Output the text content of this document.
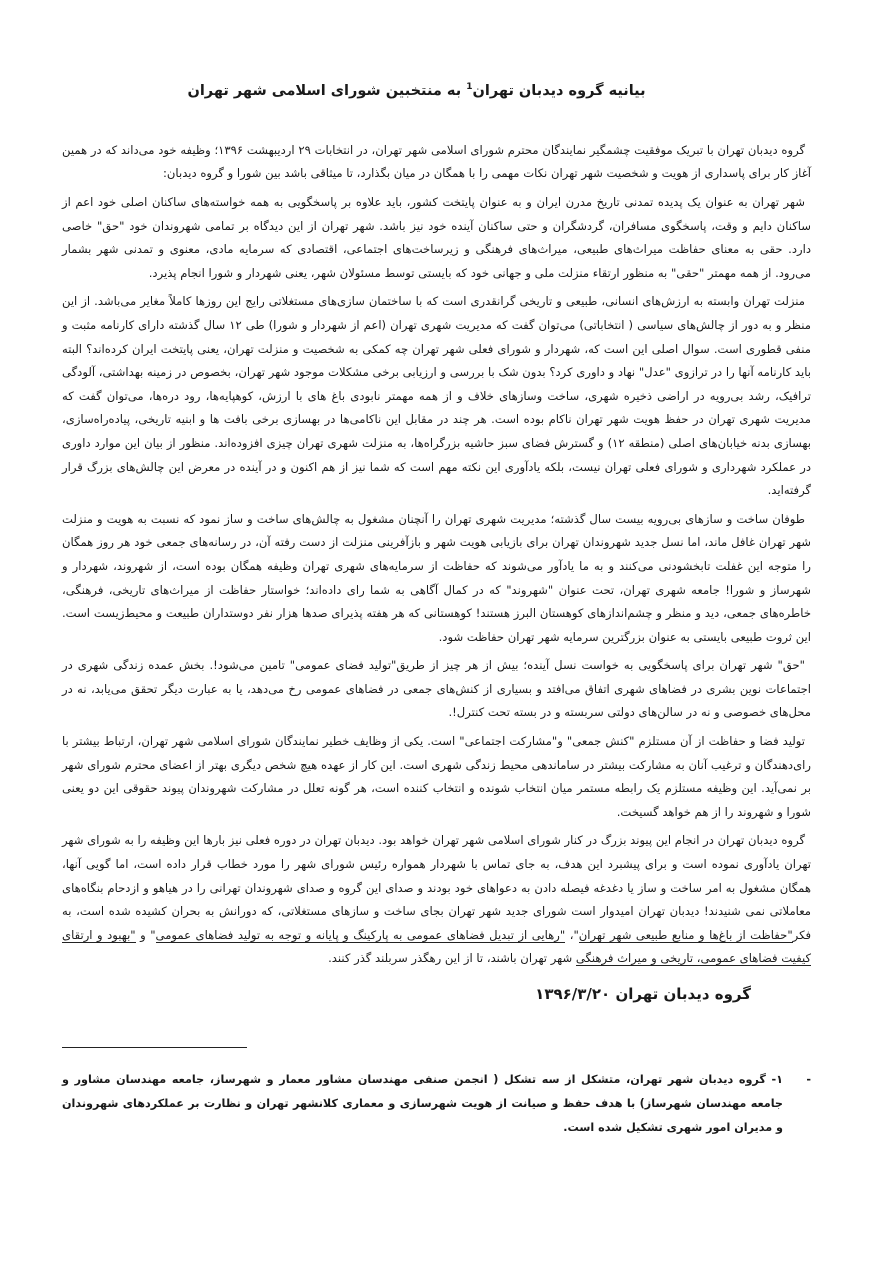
بیانیه گروه دیدبان تهران$^1$ به منتخبین شورای اسلامی شهر تهران

گروه دیدبان تهران با تبریک موفقیت چشمگیر نمایندگان محترم شورای اسلامی شهر تهران، در انتخابات ۲۹ اردیبهشت ۱۳۹۶؛ وظیفه خود می‌داند که در همین آغاز کار برای پاسداری از هویت و شخصیت شهر تهران نکات مهمی را با همگان در میان بگذارد، تا میثاقی باشد بین شورا و گروه دیدبان:

شهر تهران به عنوان یک پدیده تمدنی تاریخ مدرن ایران و به عنوان پایتخت کشور، باید علاوه بر پاسخگویی به همه خواسته‌های ساکنان اصلی خود اعم از ساکنان دایم و وقت، پاسخگوی مسافران، گردشگران و حتی ساکنان آینده خود نیز باشد. شهر تهران از این دیدگاه بر تمامی شهروندان خود "حق" خاصی دارد. حقی به معنای حفاظت میراث‌های طبیعی، میراث‌های فرهنگی و زیرساخت‌های اجتماعی، اقتصادی که سرمایه مادی، معنوی و تمدنی شهر بشمار می‌رود. از همه مهمتر "حقی" به منظور ارتقاء منزلت ملی و جهانی خود که بایستی توسط مسئولان شهر، یعنی شهردار و شورا انجام پذیرد.

منزلت تهران وابسته به ارزش‌های انسانی، طبیعی و تاریخی گرانقدری است که با ساختمان سازی‌های مستغلاتی رایج این روزها کاملاً مغایر می‌باشد. از این منظر و به دور از چالش‌های سیاسی ( انتخاباتی) می‌توان گفت که مدیریت شهری تهران (اعم از شهردار و شورا) طی ۱۲ سال گذشته دارای کارنامه مثبت و منفی قطوری است. سوال اصلی این است که، شهردار و شورای فعلی شهر تهران چه کمکی به شخصیت و منزلت تهران، یعنی پایتخت ایران کرده‌اند؟ البته باید کارنامه آنها را در ترازوی "عدل" نهاد و داوری کرد؟ بدون شک با بررسی و ارزیابی برخی مشکلات موجود شهر تهران، بخصوص در زمینه بهداشتی، آلودگی ترافیک، رشد بی‌رویه در اراضی ذخیره شهری، ساخت وسازهای خلاف و از همه مهمتر نابودی باغ های با ارزش، کوهپایه‌ها، رود دره‌ها، می‌توان گفت که مدیریت شهری تهران در حفظ هویت شهر تهران ناکام بوده است. هر چند در مقابل این ناکامی‌ها در بهسازی برخی بافت ها و ابنیه تاریخی، پیاده‌راه‌سازی، بهسازی بدنه خیابان‌های اصلی (منطقه ۱۲) و گسترش فضای سبز حاشیه بزرگراه‌ها، به منزلت شهری تهران چیزی افزوده‌اند. منظور از بیان این موارد داوری در عملکرد شهرداری و شورای فعلی تهران نیست، بلکه یادآوری این نکته مهم است که شما نیز از هم اکنون و در آینده در معرض این چالش‌های بزرگ قرار گرفته‌اید.

طوفان ساخت و سازهای بی‌رویه بیست سال گذشته؛ مدیریت شهری تهران را آنچنان مشغول به چالش‌های ساخت و ساز نمود که نسبت به هویت و منزلت شهر تهران غافل ماند، اما نسل جدید شهروندان تهران برای بازیابی هویت شهر و بازآفرینی منزلت از دست رفته آن، در رسانه‌های جمعی خود هر روز همگان را متوجه این غفلت تابخشودنی می‌کنند و به ما یادآور می‌شوند که حفاظت از سرمایه‌های شهری تهران وظیفه همگان بوده است، از شهروند، شهردار و شهرساز و شورا! جامعه شهری تهران، تحت عنوان "شهروند" که در کمال آگاهی به شما رای داده‌اند؛ خواستار حفاظت از میراث‌های تاریخی، فرهنگی، خاطره‌های جمعی، دید و منظر و چشم‌اندازهای کوهستان البرز هستند! کوهستانی که هر هفته پذیرای صدها هزار نفر دوستداران طبیعت و محیط‌زیست است. این ثروت طبیعی بایستی به عنوان بزرگترین سرمایه شهر تهران حفاظت شود.

"حق" شهر تهران برای پاسخگویی به خواست نسل آینده؛ بیش از هر چیز از طریق"تولید فضای عمومی" تامین می‌شود!. بخش عمده زندگی شهری در اجتماعات نوین بشری در فضاهای شهری اتفاق می‌افتد و بسیاری از کنش‌های جمعی در فضاهای عمومی رخ می‌دهد، یا به عبارت دیگر تحقق می‌یابد، نه در محل‌های خصوصی و نه در سالن‌های دولتی سربسته و در بسته تحت کنترل!.

تولید فضا و حفاظت از آن مستلزم "کنش جمعی" و"مشارکت اجتماعی" است. یکی از وظایف خطیر نمایندگان شورای اسلامی شهر تهران، ارتباط بیشتر با رای‌دهندگان و ترغیب آنان به مشارکت بیشتر در ساماندهی محیط زندگی شهری است. این کار از عهده هیچ شخص دیگری بهتر از اعضای محترم شورای شهر بر نمی‌آید. این وظیفه مستلزم یک رابطه مستمر میان انتخاب شونده و انتخاب کننده است، هر گونه تعلل در مشارکت شهروندان پیوند حقوقی این دو یعنی شورا و شهروند را از هم خواهد گسیخت.

گروه دیدبان تهران در انجام این پیوند بزرگ در کنار شورای اسلامی شهر تهران خواهد بود. دیدبان تهران در دوره فعلی نیز بارها این وظیفه را به شورای شهر تهران یادآوری نموده است و برای پیشبرد این هدف، به جای تماس با شهردار همواره رئیس شورای شهر را مورد خطاب قرار داده است، اما گویی آنها، همگان مشغول به امر ساخت و ساز یا دغدغه فیصله دادن به دعواهای خود بودند و صدای این گروه و صدای شهروندان تهرانی را در هیاهو و ازدحام بنگاه‌های معاملاتی نمی شنیدند! دیدبان تهران امیدوار است شورای جدید شهر تهران بجای ساخت و سازهای مستغلاتی، که دورانش به بحران کشیده شده است، به فکر"حفاظت از باغ‌ها و منابع طبیعی شهر تهران"، "رهایی از تبدیل فضاهای عمومی به پارکینگ و پایانه و توجه به تولید فضاهای عمومی" و "بهبود و ارتقای کیفیت فضاهای عمومی، تاریخی و میراث فرهنگی شهر تهران باشند، تا از این رهگذر سربلند گذر کنند.

گروه دیدبان تهران ۱۳۹۶/۳/۲۰
-
۱- گروه دیدبان شهر تهران، متشکل از سه تشکل ( انجمن صنفی مهندسان مشاور معمار و شهرساز، جامعه مهندسان مشاور و جامعه مهندسان شهرساز) با هدف حفظ و صیانت از هویت شهرسازی و معماری کلانشهر تهران و نظارت بر عملکردهای شهروندان و مدیران امور شهری تشکیل شده است.
